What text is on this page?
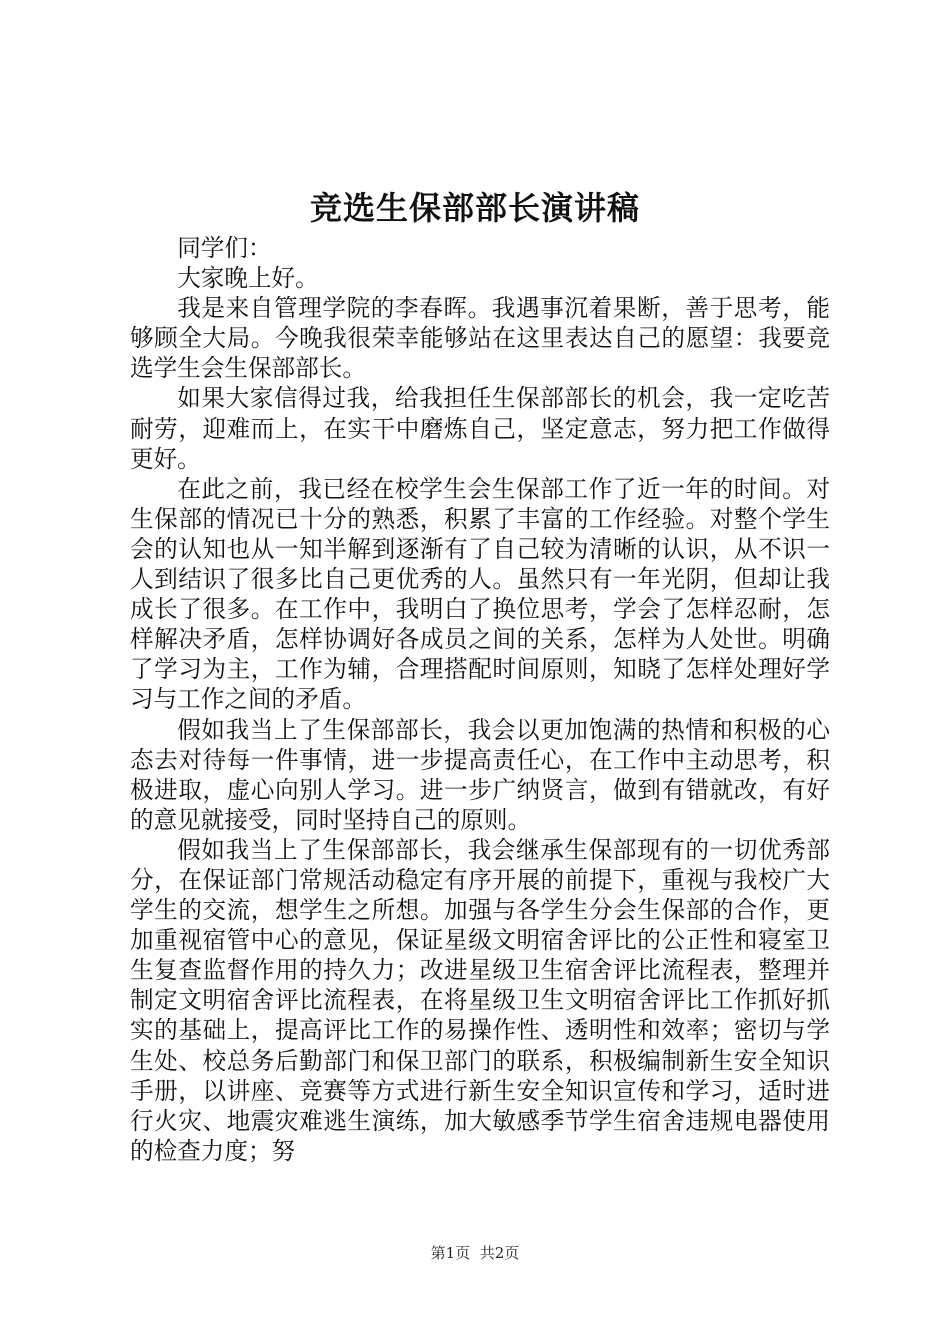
竞选生保部部长演讲稿

同学们：

大家晚上好。

我是来自管理学院的李春晖。我遇事沉着果断，善于思考，能够顾全大局。今晚我很荣幸能够站在这里表达自己的愿望：我要竞选学生会生保部部长。

如果大家信得过我，给我担任生保部部长的机会，我一定吃苦耐劳，迎难而上，在实干中磨炼自己，坚定意志，努力把工作做得更好。

在此之前，我已经在校学生会生保部工作了近一年的时间。对生保部的情况已十分的熟悉，积累了丰富的工作经验。对整个学生会的认知也从一知半解到逐渐有了自己较为清晰的认识，从不识一人到结识了很多比自己更优秀的人。虽然只有一年光阴，但却让我成长了很多。在工作中，我明白了换位思考，学会了怎样忍耐，怎样解决矛盾，怎样协调好各成员之间的关系，怎样为人处世。明确了学习为主，工作为辅，合理搭配时间原则，知晓了怎样处理好学习与工作之间的矛盾。

假如我当上了生保部部长，我会以更加饱满的热情和积极的心态去对待每一件事情，进一步提高责任心，在工作中主动思考，积极进取，虚心向别人学习。进一步广纳贤言，做到有错就改，有好的意见就接受，同时坚持自己的原则。

假如我当上了生保部部长，我会继承生保部现有的一切优秀部分，在保证部门常规活动稳定有序开展的前提下，重视与我校广大学生的交流，想学生之所想。加强与各学生分会生保部的合作，更加重视宿管中心的意见，保证星级文明宿舍评比的公正性和寝室卫生复查监督作用的持久力；改进星级卫生宿舍评比流程表，整理并制定文明宿舍评比流程表，在将星级卫生文明宿舍评比工作抓好抓实的基础上，提高评比工作的易操作性、透明性和效率；密切与学生处、校总务后勤部门和保卫部门的联系，积极编制新生安全知识手册，以讲座、竞赛等方式进行新生安全知识宣传和学习，适时进行火灾、地震灾难逃生演练，加大敏感季节学生宿舍违规电器使用的检查力度；努

第1页 共2页
